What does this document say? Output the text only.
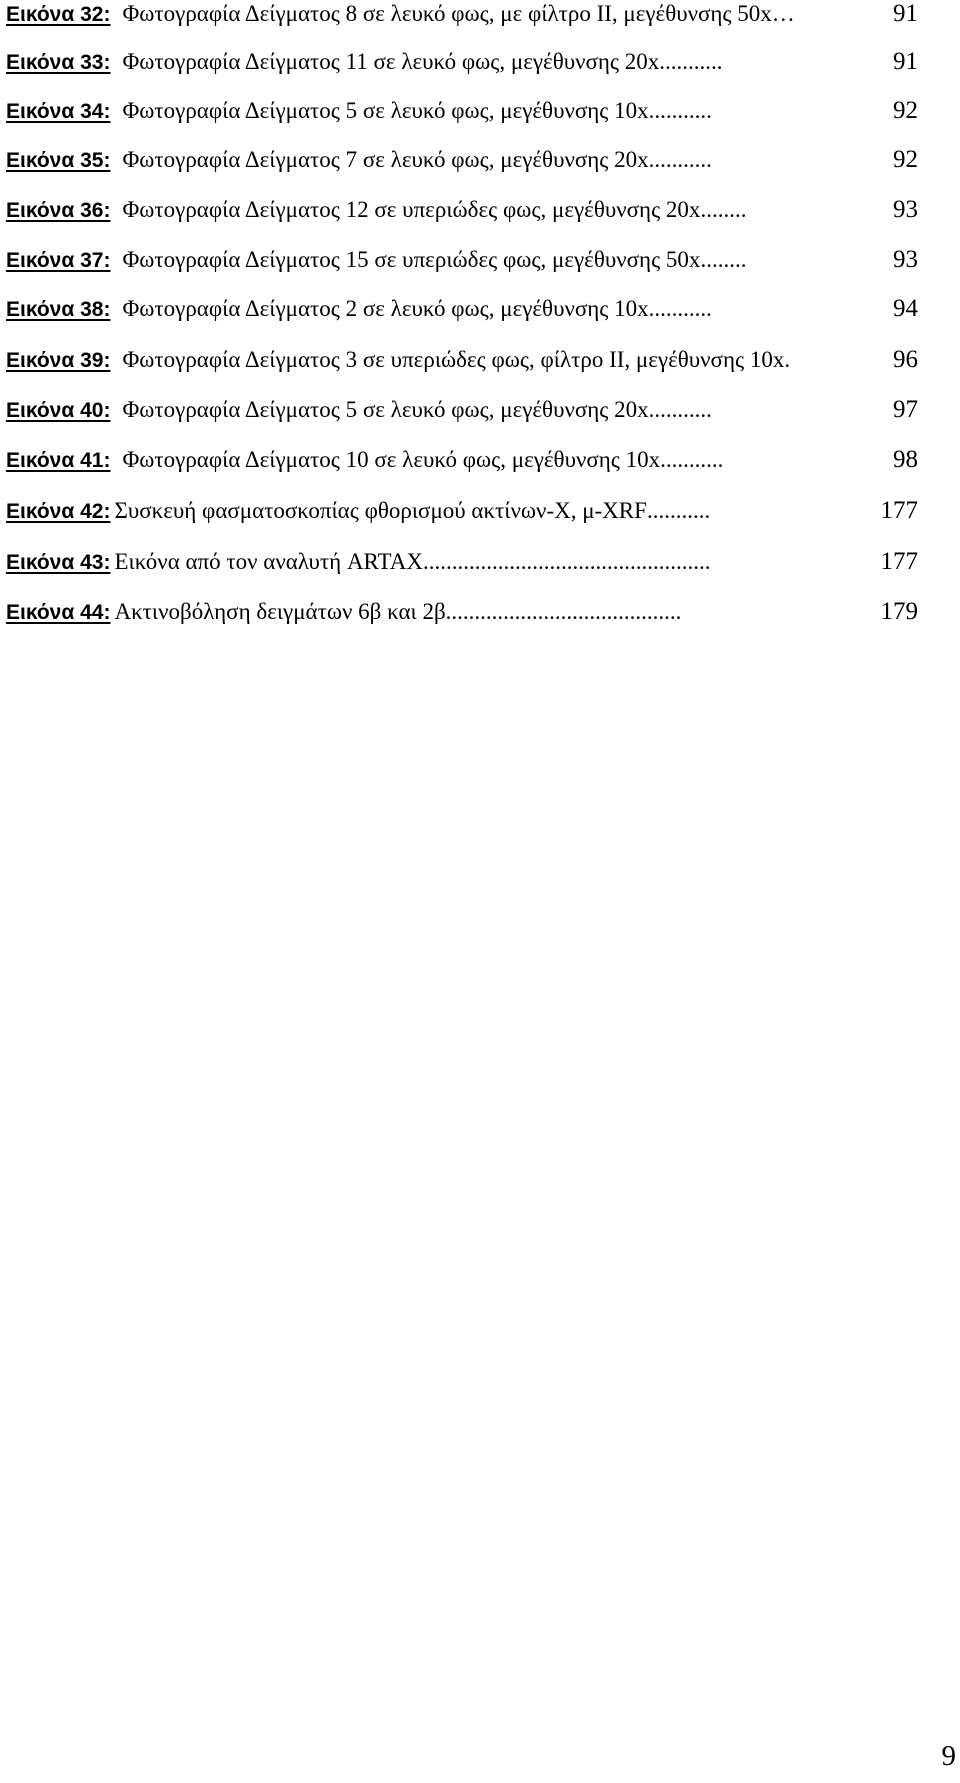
Εικόνα 32: Φωτογραφία Δείγματος 8 σε λευκό φως, με φίλτρο ΙΙ, μεγέθυνσης 50x …	91
Εικόνα 33: Φωτογραφία Δείγματος 11 σε λευκό φως, μεγέθυνσης 20x ...........	91
Εικόνα 34: Φωτογραφία Δείγματος 5 σε λευκό φως, μεγέθυνσης 10x ...........	92
Εικόνα 35: Φωτογραφία Δείγματος 7 σε λευκό φως, μεγέθυνσης 20x ...........	92
Εικόνα 36: Φωτογραφία Δείγματος 12 σε υπεριώδες φως, μεγέθυνσης 20x ........	93
Εικόνα 37: Φωτογραφία Δείγματος 15 σε υπεριώδες φως, μεγέθυνσης 50x ........	93
Εικόνα 38: Φωτογραφία Δείγματος 2 σε λευκό φως, μεγέθυνσης 10x ...........	94
Εικόνα 39: Φωτογραφία Δείγματος 3 σε υπεριώδες φως, φίλτρο ΙΙ, μεγέθυνσης 10x .	96
Εικόνα 40: Φωτογραφία Δείγματος 5 σε λευκό φως, μεγέθυνσης 20x ...........	97
Εικόνα 41: Φωτογραφία Δείγματος 10 σε λευκό φως, μεγέθυνσης 10x ...........	98
Εικόνα 42: Συσκευή φασματοσκοπίας φθορισμού ακτίνων-Χ, μ-XRF ...........	177
Εικόνα 43: Εικόνα από τον αναλυτή ARTAX ..................................................	177
Εικόνα 44: Ακτινοβόληση δειγμάτων 6β και 2β .........................................	179
9
